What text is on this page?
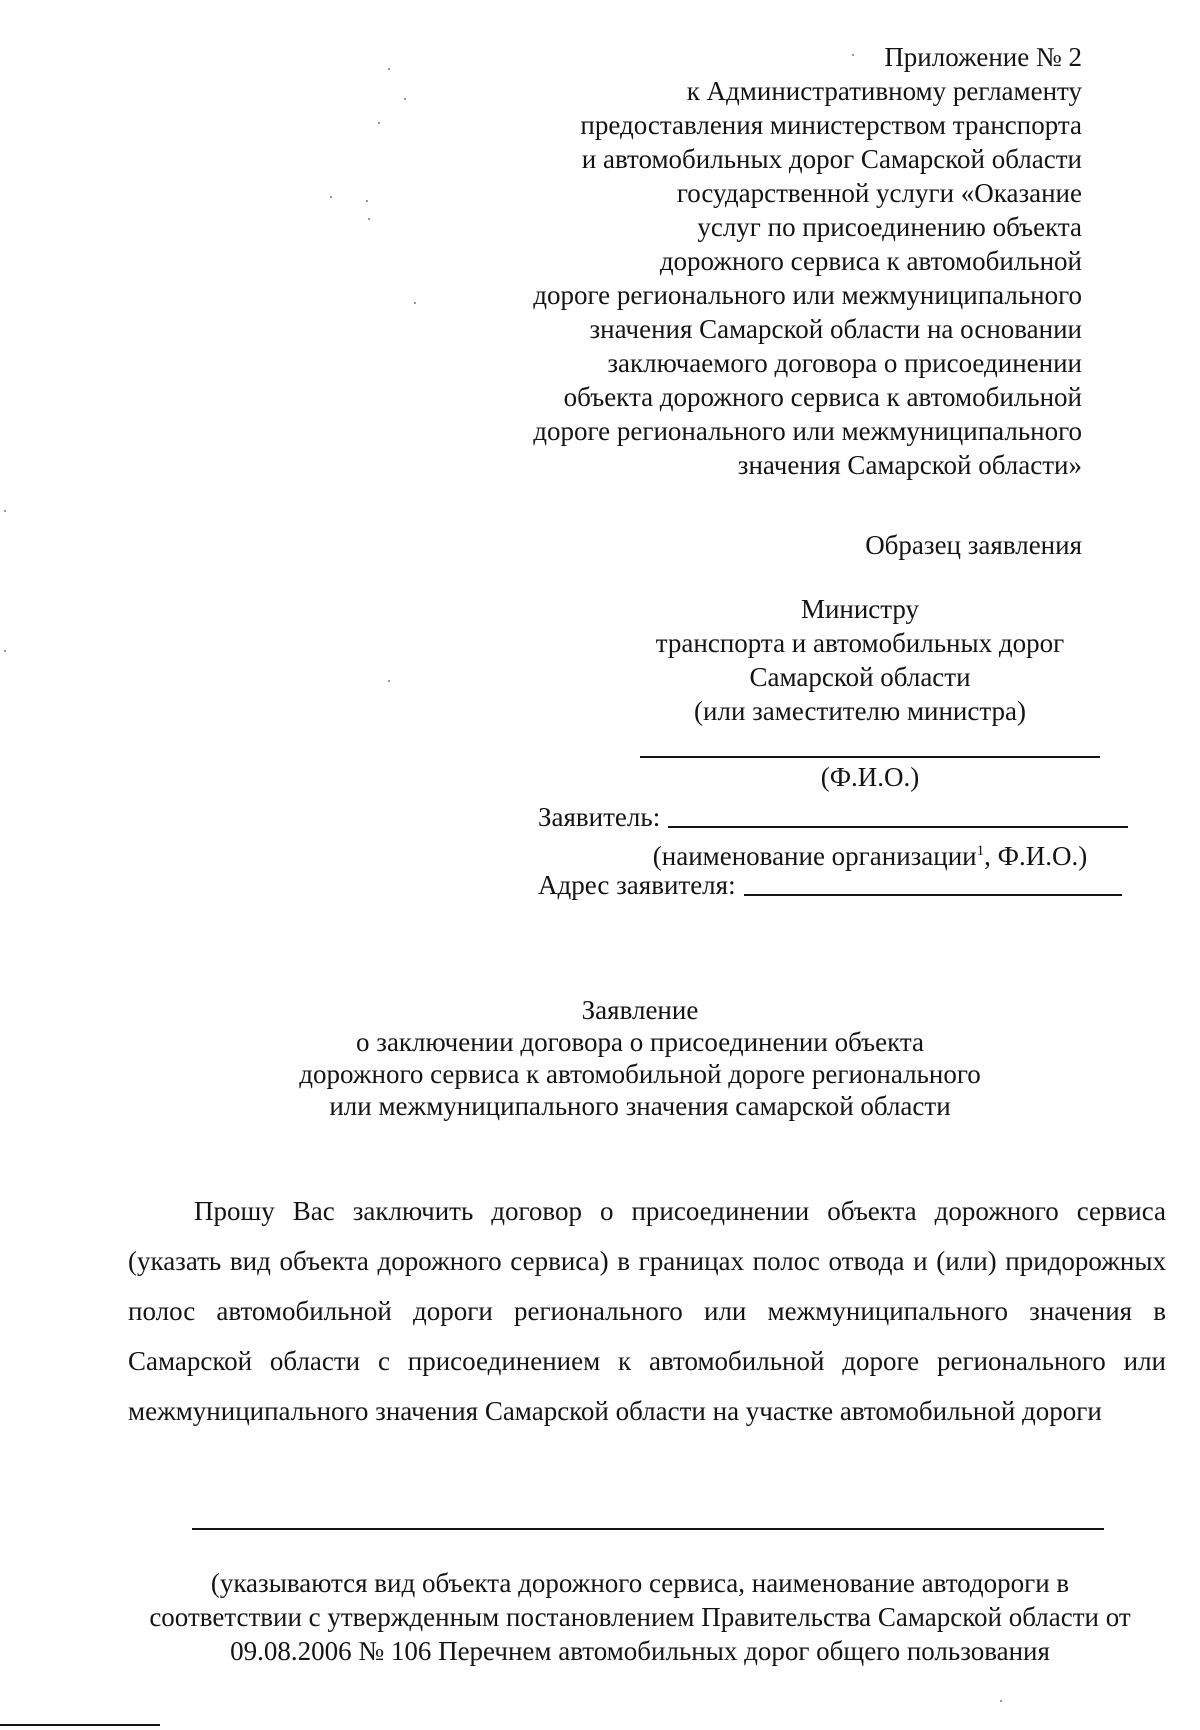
Приложение № 2
к Административному регламенту
предоставления министерством транспорта
и автомобильных дорог Самарской области
государственной услуги «Оказание
услуг по присоединению объекта
дорожного сервиса к автомобильной
дороге регионального или межмуниципального
значения Самарской области на основании
заключаемого договора о присоединении
объекта дорожного сервиса к автомобильной
дороге регионального или межмуниципального
значения Самарской области»
Образец заявления
Министру
транспорта и автомобильных дорог
Самарской области
(или заместителю министра)
(Ф.И.О.)
Заявитель:
(наименование организации$^1$, Ф.И.О.)
Адрес заявителя:
Заявление
о заключении договора о присоединении объекта
дорожного сервиса к автомобильной дороге регионального
или межмуниципального значения самарской области

Прошу Вас заключить договор о присоединении объекта дорожного сервиса (указать вид объекта дорожного сервиса) в границах полос отвода и (или) придорожных полос автомобильной дороги регионального или межмуниципального значения в Самарской области с присоединением к автомобильной дороге регионального или межмуниципального значения Самарской области на участке автомобильной дороги

(указываются вид объекта дорожного сервиса, наименование автодороги в
соответствии с утвержденным постановлением Правительства Самарской области от
09.08.2006 № 106 Перечнем автомобильных дорог общего пользования
